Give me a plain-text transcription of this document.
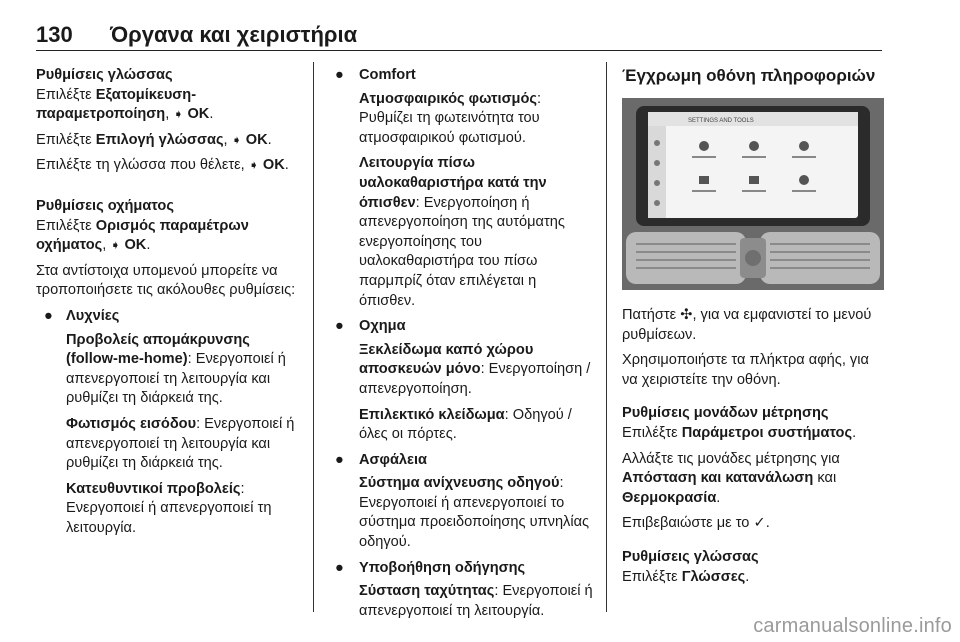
130 Όργανα και χειριστήρια

Ρυθμίσεις γλώσσας

Επιλέξτε Εξατομίκευση-παραμετροποίηση, ➧ OK.

Επιλέξτε Επιλογή γλώσσας, ➧ OK.

Επιλέξτε τη γλώσσα που θέλετε, ➧ OK.

Ρυθμίσεις οχήματος

Επιλέξτε Ορισμός παραμέτρων οχήματος, ➧ OK.

Στα αντίστοιχα υπομενού μπορείτε να τροποποιήσετε τις ακόλουθες ρυθμίσεις:

● Λυχνίες

Προβολείς απομάκρυνσης (follow-me-home): Ενεργοποιεί ή απενεργοποιεί τη λειτουργία και ρυθμίζει τη διάρκειά της.

Φωτισμός εισόδου: Ενεργοποιεί ή απενεργοποιεί τη λειτουργία και ρυθμίζει τη διάρκειά της.

Κατευθυντικοί προβολείς: Ενεργοποιεί ή απενεργοποιεί τη λειτουργία.

●	Comfort

Ατμοσφαιρικός φωτισμός: Ρυθμίζει τη φωτεινότητα του ατμοσφαιρικού φωτισμού.

Λειτουργία πίσω υαλοκαθαριστήρα κατά την όπισθεν: Ενεργοποίηση ή απενεργοποίηση της αυτόματης ενεργοποίησης του υαλοκαθαριστήρα του πίσω παρμπρίζ όταν επιλέγεται η όπισθεν.

●	Οχημα

Ξεκλείδωμα καπό χώρου αποσκευών μόνο: Ενεργοποίηση / απενεργοποίηση.

Επιλεκτικό κλείδωμα: Οδηγού / όλες οι πόρτες.

●	Ασφάλεια

Σύστημα ανίχνευσης οδηγού: Ενεργοποιεί ή απενεργοποιεί το σύστημα προειδοποίησης υπνηλίας οδηγού.

●	Υποβοήθηση οδήγησης

Σύσταση ταχύτητας: Ενεργοποιεί ή απενεργοποιεί τη λειτουργία.

Έγχρωμη οθόνη πληροφοριών
SETTINGS AND TOOLS

Πατήστε ✣, για να εμφανιστεί το μενού ρυθμίσεων.

Χρησιμοποιήστε τα πλήκτρα αφής, για να χειριστείτε την οθόνη.

Ρυθμίσεις μονάδων μέτρησης

Επιλέξτε Παράμετροι συστήματος.

Αλλάξτε τις μονάδες μέτρησης για Απόσταση και κατανάλωση και Θερμοκρασία.

Επιβεβαιώστε με το ✓.

Ρυθμίσεις γλώσσας

Επιλέξτε Γλώσσες.

carmanualsonline.info
